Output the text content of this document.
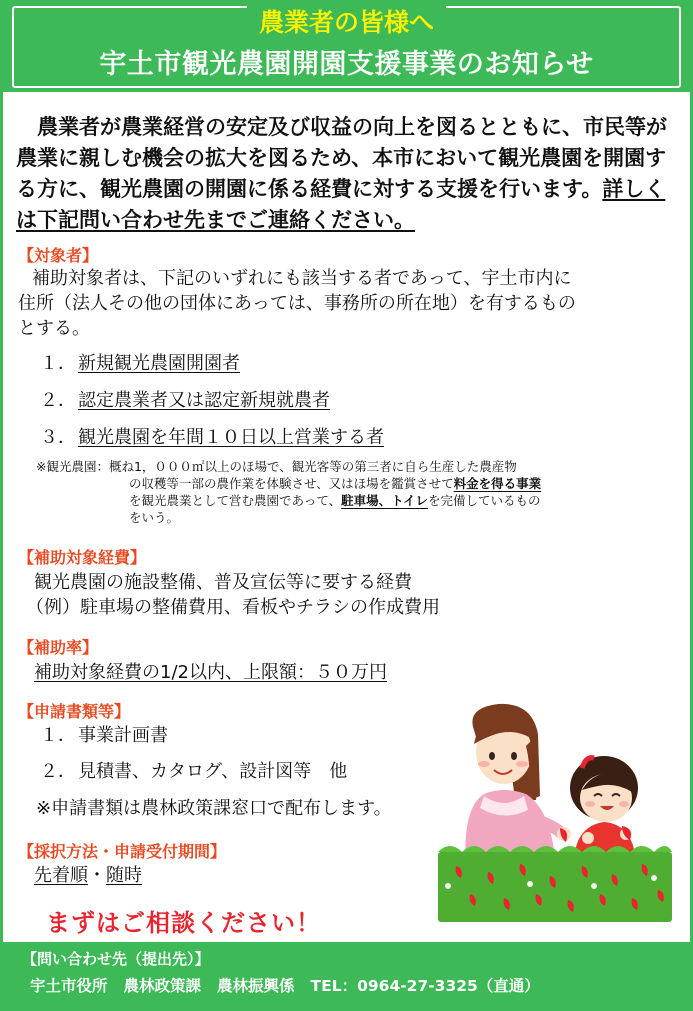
農業者の皆様へ
宇土市観光農園開園支援事業のお知らせ
農業者が農業経営の安定及び収益の向上を図るとともに、市民等が農業に親しむ機会の拡大を図るため、本市において観光農園を開園する方に、観光農園の開園に係る経費に対する支援を行います。詳しくは下記問い合わせ先までご連絡ください。
【対象者】
補助対象者は、下記のいずれにも該当する者であって、宇土市内に
住所（法人その他の団体にあっては、事務所の所在地）を有するもの
とする。
１． 新規観光農園開園者
２． 認定農業者又は認定新規就農者
３． 観光農園を年間１０日以上営業する者
※観光農園：概ね1，０００㎡以上のほ場で、観光客等の第三者に自ら生産した農産物
の収穫等一部の農作業を体験させ、又はほ場を鑑賞させて料金を得る事業
を観光農業として営む農園であって、駐車場、トイレを完備しているもの
をいう。
【補助対象経費】
観光農園の施設整備、普及宣伝等に要する経費
（例）駐車場の整備費用、看板やチラシの作成費用
【補助率】
補助対象経費の1/2以内、上限額：５０万円
【申請書類等】
１． 事業計画書
２． 見積書、カタログ、設計図等　他
※申請書類は農林政策課窓口で配布します。
【採択方法・申請受付期間】
先着順・随時
まずはご相談ください！
【問い合わせ先（提出先）】
宇土市役所 農林政策課 農林振興係 TEL：0964-27-3325（直通）
